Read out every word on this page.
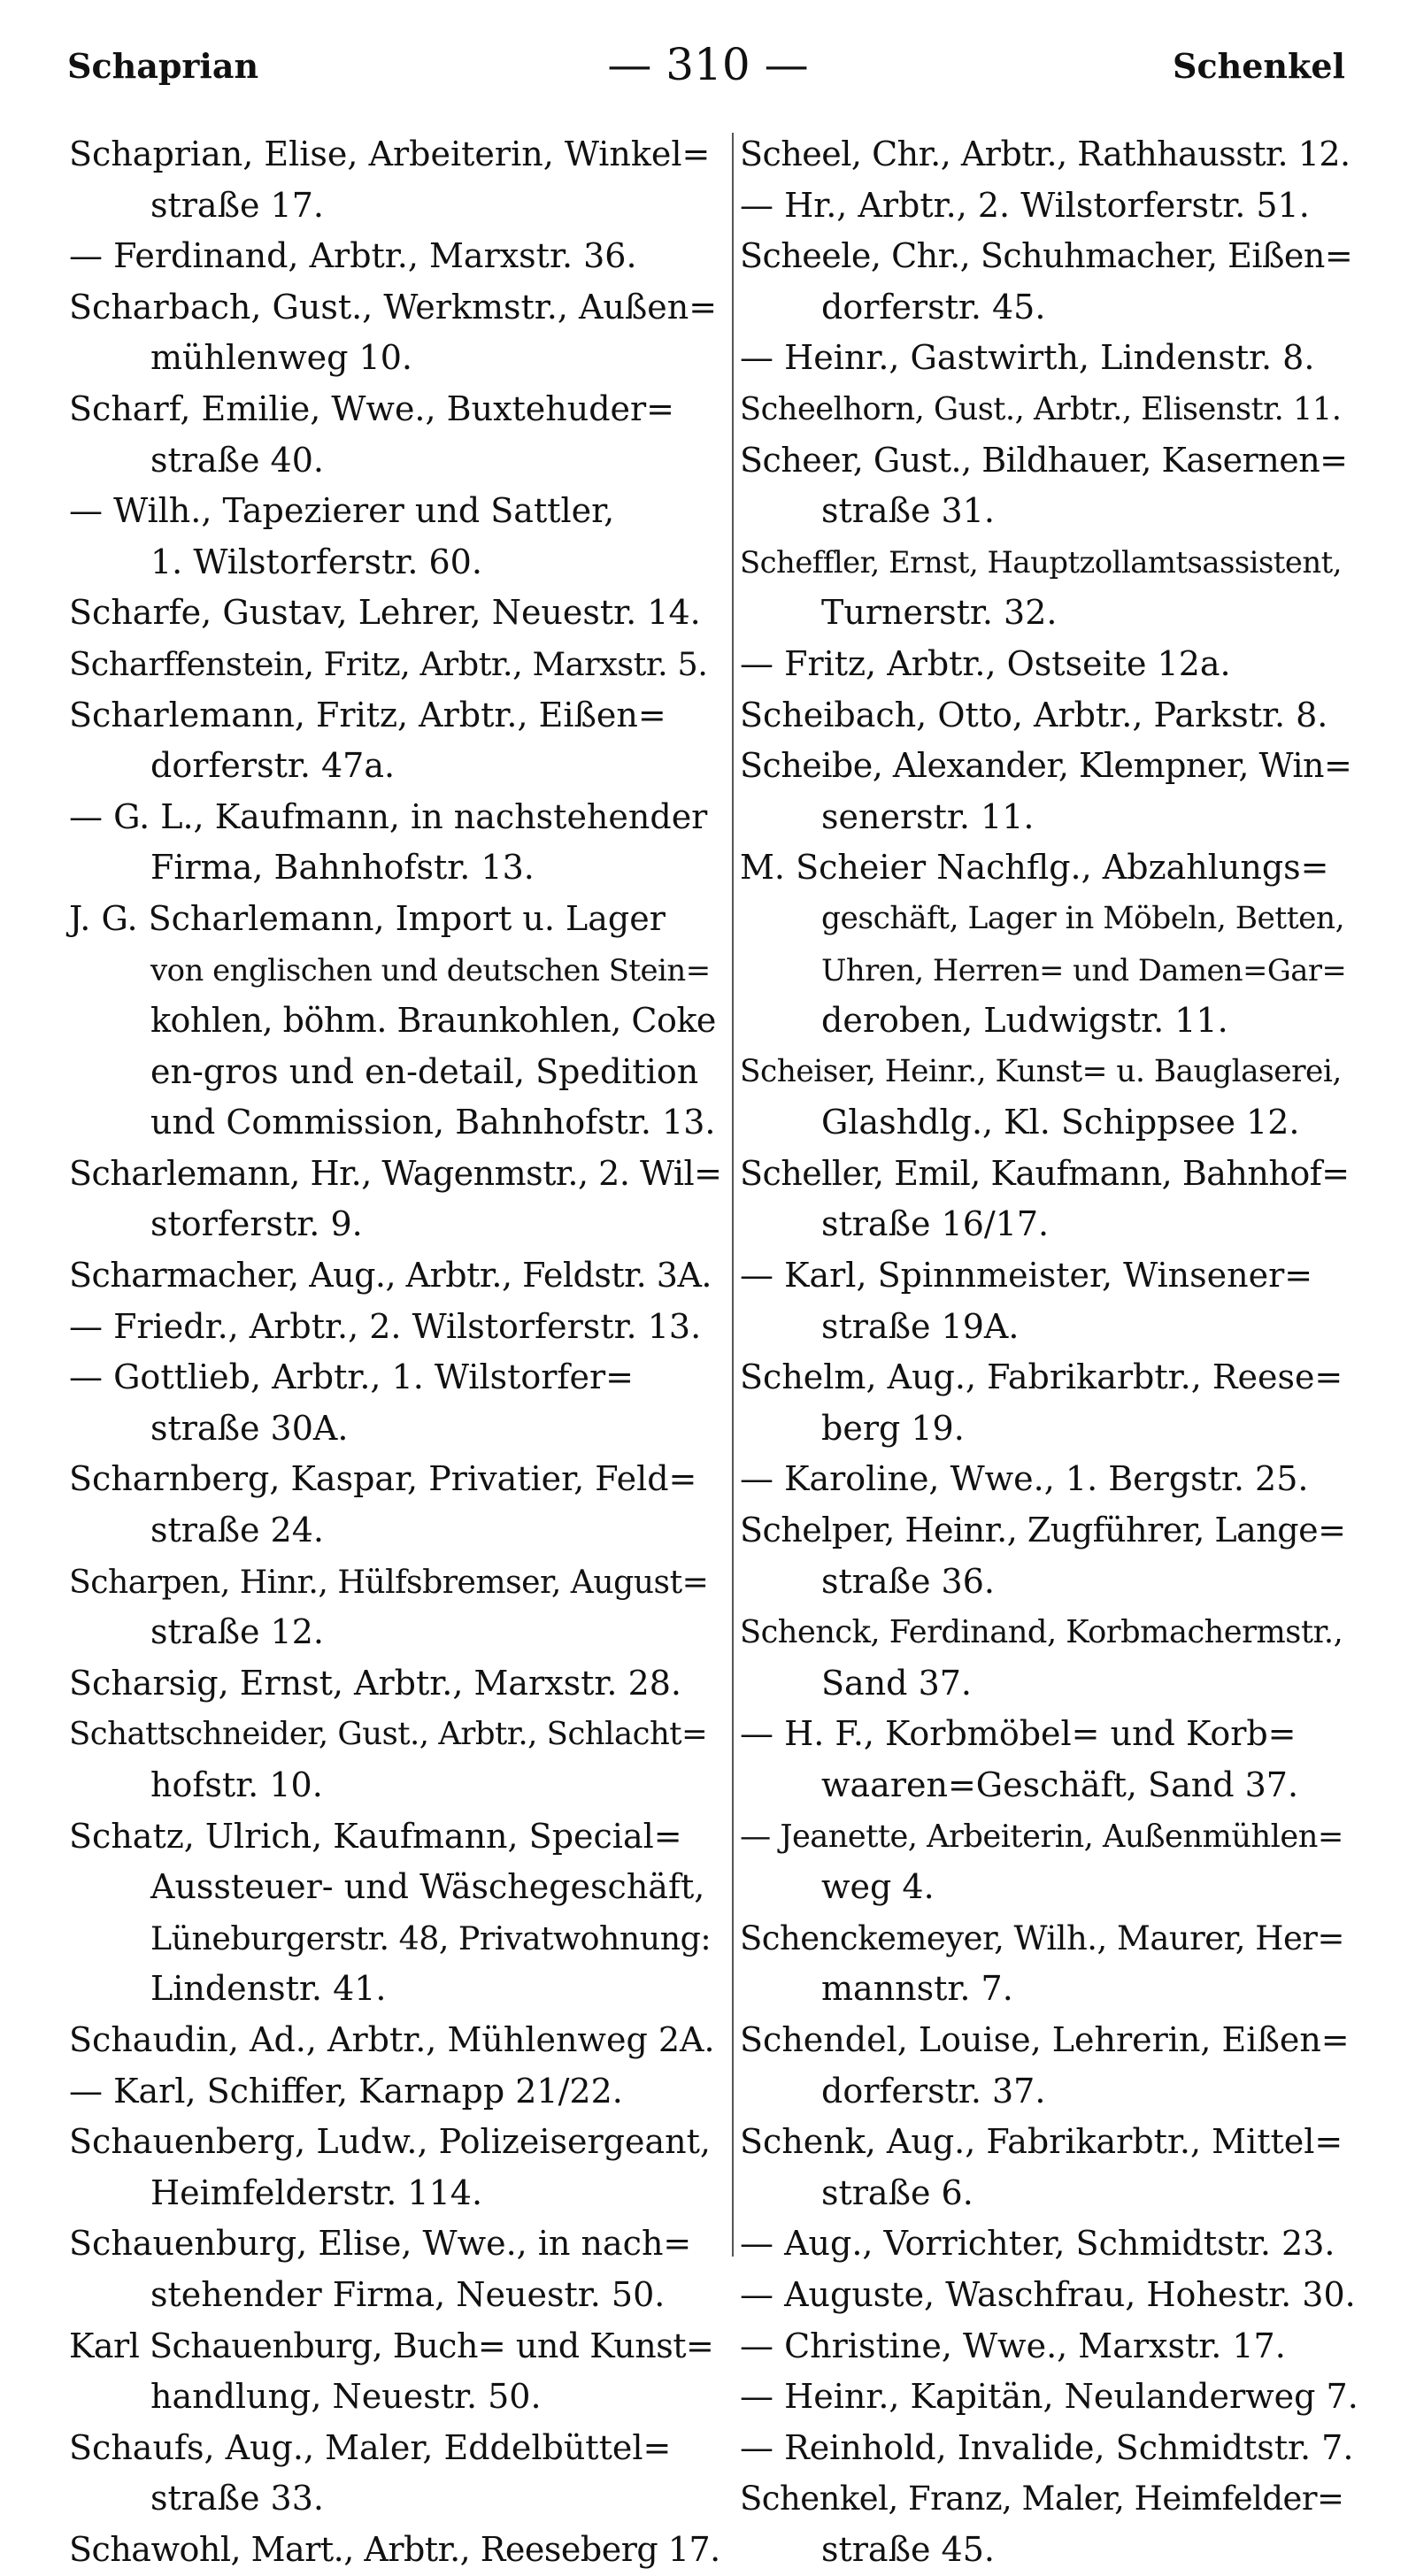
Schaprian	— 310 —	Schenkel
Schaprian, Elise, Arbeiterin, Winkel=
straße 17.
— Ferdinand, Arbtr., Marxstr. 36.
Scharbach, Gust., Werkmstr., Außen=
mühlenweg 10.
Scharf, Emilie, Wwe., Buxtehuder=
straße 40.
— Wilh., Tapezierer und Sattler,
1. Wilstorferstr. 60.
Scharfe, Gustav, Lehrer, Neuestr. 14.
Scharffenstein, Fritz, Arbtr., Marxstr. 5.
Scharlemann, Fritz, Arbtr., Eißen=
dorferstr. 47a.
— G. L., Kaufmann, in nachstehender
Firma, Bahnhofstr. 13.
J. G. Scharlemann, Import u. Lager
von englischen und deutschen Stein=
kohlen, böhm. Braunkohlen, Coke
en-gros und en-detail, Spedition
und Commission, Bahnhofstr. 13.
Scharlemann, Hr., Wagenmstr., 2. Wil=
storferstr. 9.
Scharmacher, Aug., Arbtr., Feldstr. 3A.
— Friedr., Arbtr., 2. Wilstorferstr. 13.
— Gottlieb, Arbtr., 1. Wilstorfer=
straße 30A.
Scharnberg, Kaspar, Privatier, Feld=
straße 24.
Scharpen, Hinr., Hülfsbremser, August=
straße 12.
Scharsig, Ernst, Arbtr., Marxstr. 28.
Schattschneider, Gust., Arbtr., Schlacht=
hofstr. 10.
Schatz, Ulrich, Kaufmann, Special=
Aussteuer- und Wäschegeschäft,
Lüneburgerstr. 48, Privatwohnung:
Lindenstr. 41.
Schaudin, Ad., Arbtr., Mühlenweg 2A.
— Karl, Schiffer, Karnapp 21/22.
Schauenberg, Ludw., Polizeisergeant,
Heimfelderstr. 114.
Schauenburg, Elise, Wwe., in nach=
stehender Firma, Neuestr. 50.
Karl Schauenburg, Buch= und Kunst=
handlung, Neuestr. 50.
Schaufs, Aug., Maler, Eddelbüttel=
straße 33.
Schawohl, Mart., Arbtr., Reeseberg 17.
Scheel, Chr., Arbtr., Rathhausstr. 12.
— Hr., Arbtr., 2. Wilstorferstr. 51.
Scheele, Chr., Schuhmacher, Eißen=
dorferstr. 45.
— Heinr., Gastwirth, Lindenstr. 8.
Scheelhorn, Gust., Arbtr., Elisenstr. 11.
Scheer, Gust., Bildhauer, Kasernen=
straße 31.
Scheffler, Ernst, Hauptzollamtsassistent,
Turnerstr. 32.
— Fritz, Arbtr., Ostseite 12a.
Scheibach, Otto, Arbtr., Parkstr. 8.
Scheibe, Alexander, Klempner, Win=
senerstr. 11.
M. Scheier Nachflg., Abzahlungs=
geschäft, Lager in Möbeln, Betten,
Uhren, Herren= und Damen=Gar=
deroben, Ludwigstr. 11.
Scheiser, Heinr., Kunst= u. Bauglaserei,
Glashdlg., Kl. Schippsee 12.
Scheller, Emil, Kaufmann, Bahnhof=
straße 16/17.
— Karl, Spinnmeister, Winsener=
straße 19A.
Schelm, Aug., Fabrikarbtr., Reese=
berg 19.
— Karoline, Wwe., 1. Bergstr. 25.
Schelper, Heinr., Zugführer, Lange=
straße 36.
Schenck, Ferdinand, Korbmachermstr.,
Sand 37.
— H. F., Korbmöbel= und Korb=
waaren=Geschäft, Sand 37.
— Jeanette, Arbeiterin, Außenmühlen=
weg 4.
Schenckemeyer, Wilh., Maurer, Her=
mannstr. 7.
Schendel, Louise, Lehrerin, Eißen=
dorferstr. 37.
Schenk, Aug., Fabrikarbtr., Mittel=
straße 6.
— Aug., Vorrichter, Schmidtstr. 23.
— Auguste, Waschfrau, Hohestr. 30.
— Christine, Wwe., Marxstr. 17.
— Heinr., Kapitän, Neulanderweg 7.
— Reinhold, Invalide, Schmidtstr. 7.
Schenkel, Franz, Maler, Heimfelder=
straße 45.
